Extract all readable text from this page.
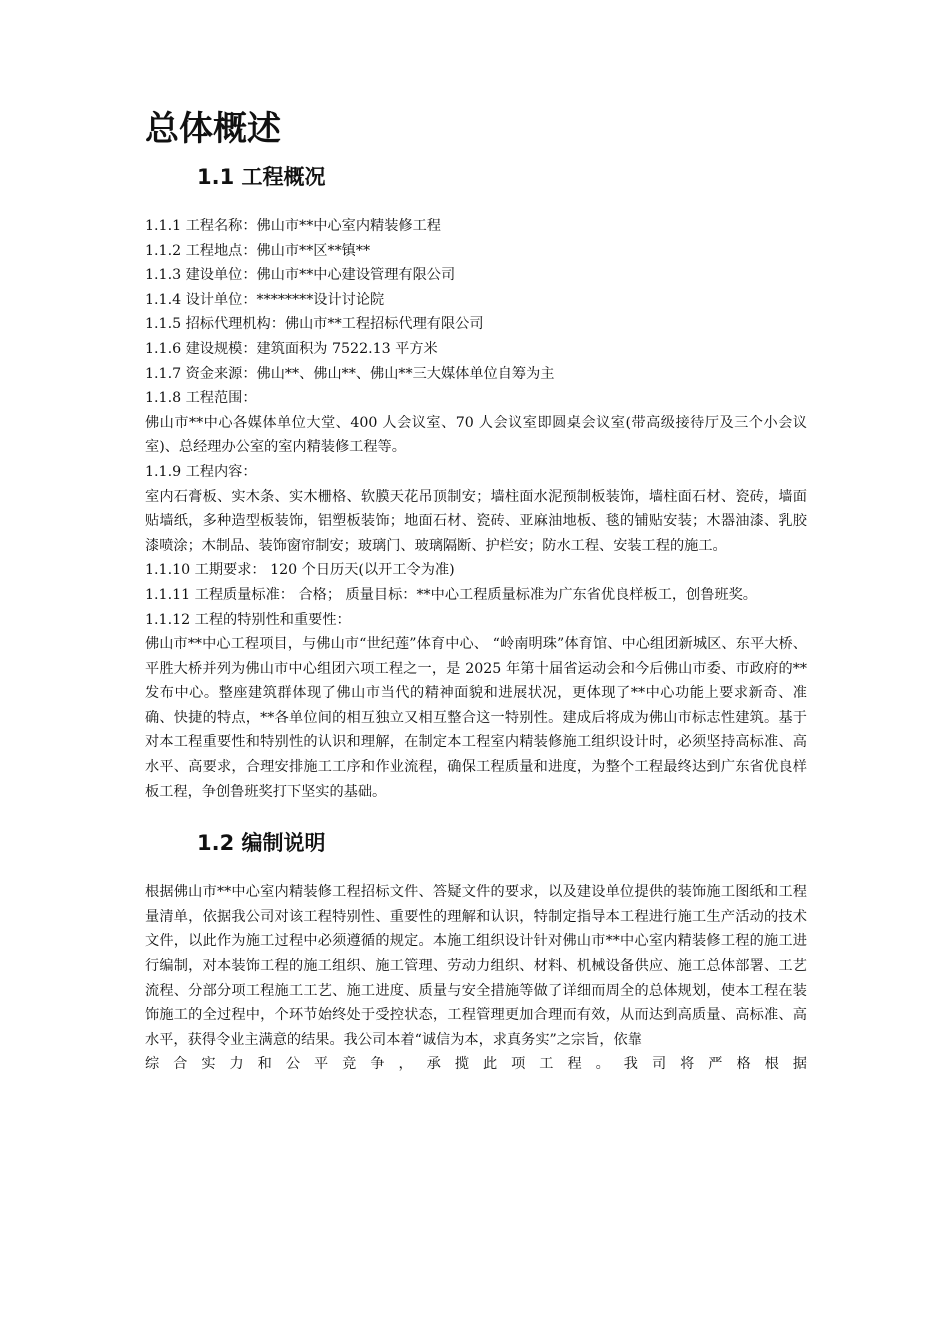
总体概述
1.1 工程概况

1.1.1 工程名称：佛山市**中心室内精装修工程

1.1.2 工程地点：佛山市**区**镇**

1.1.3 建设单位：佛山市**中心建设管理有限公司

1.1.4 设计单位：********设计讨论院

1.1.5 招标代理机构：佛山市**工程招标代理有限公司

1.1.6 建设规模：建筑面积为 7522.13 平方米

1.1.7 资金来源：佛山**、佛山**、佛山**三大媒体单位自筹为主

1.1.8 工程范围：

佛山市**中心各媒体单位大堂、400 人会议室、70 人会议室即圆桌会议室(带高级接待厅及三个小会议室)、总经理办公室的室内精装修工程等。

1.1.9 工程内容：

室内石膏板、实木条、实木栅格、软膜天花吊顶制安；墙柱面水泥预制板装饰，墙柱面石材、瓷砖，墙面贴墙纸，多种造型板装饰，铝塑板装饰；地面石材、瓷砖、亚麻油地板、毯的铺贴安装；木器油漆、乳胶漆喷涂；木制品、装饰窗帘制安；玻璃门、玻璃隔断、护栏安；防水工程、安装工程的施工。

1.1.10 工期要求： 120 个日历天(以开工令为准)

1.1.11 工程质量标准： 合格； 质量目标：**中心工程质量标准为广东省优良样板工，创鲁班奖。

1.1.12 工程的特别性和重要性：

佛山市**中心工程项目，与佛山市“世纪莲”体育中心、 “岭南明珠”体育馆、中心组团新城区、东平大桥、平胜大桥并列为佛山市中心组团六项工程之一，是 2025 年第十届省运动会和今后佛山市委、市政府的**发布中心。整座建筑群体现了佛山市当代的精神面貌和进展状况，更体现了**中心功能上要求新奇、准确、快捷的特点，**各单位间的相互独立又相互整合这一特别性。建成后将成为佛山市标志性建筑。基于对本工程重要性和特别性的认识和理解，在制定本工程室内精装修施工组织设计时，必须坚持高标准、高水平、高要求，合理安排施工工序和作业流程，确保工程质量和进度，为整个工程最终达到广东省优良样板工程，争创鲁班奖打下坚实的基础。

1.2 编制说明

根据佛山市**中心室内精装修工程招标文件、答疑文件的要求，以及建设单位提供的装饰施工图纸和工程量清单，依据我公司对该工程特别性、重要性的理解和认识，特制定指导本工程进行施工生产活动的技术文件，以此作为施工过程中必须遵循的规定。本施工组织设计针对佛山市**中心室内精装修工程的施工进行编制，对本装饰工程的施工组织、施工管理、劳动力组织、材料、机械设备供应、施工总体部署、工艺流程、分部分项工程施工工艺、施工进度、质量与安全措施等做了详细而周全的总体规划，使本工程在装饰施工的全过程中，个环节始终处于受控状态，工程管理更加合理而有效，从而达到高质量、高标准、高水平，获得令业主满意的结果。我公司本着“诚信为本，求真务实”之宗旨，依靠

综合实力和公平竞争，承揽此项工程。我司将严格根据
